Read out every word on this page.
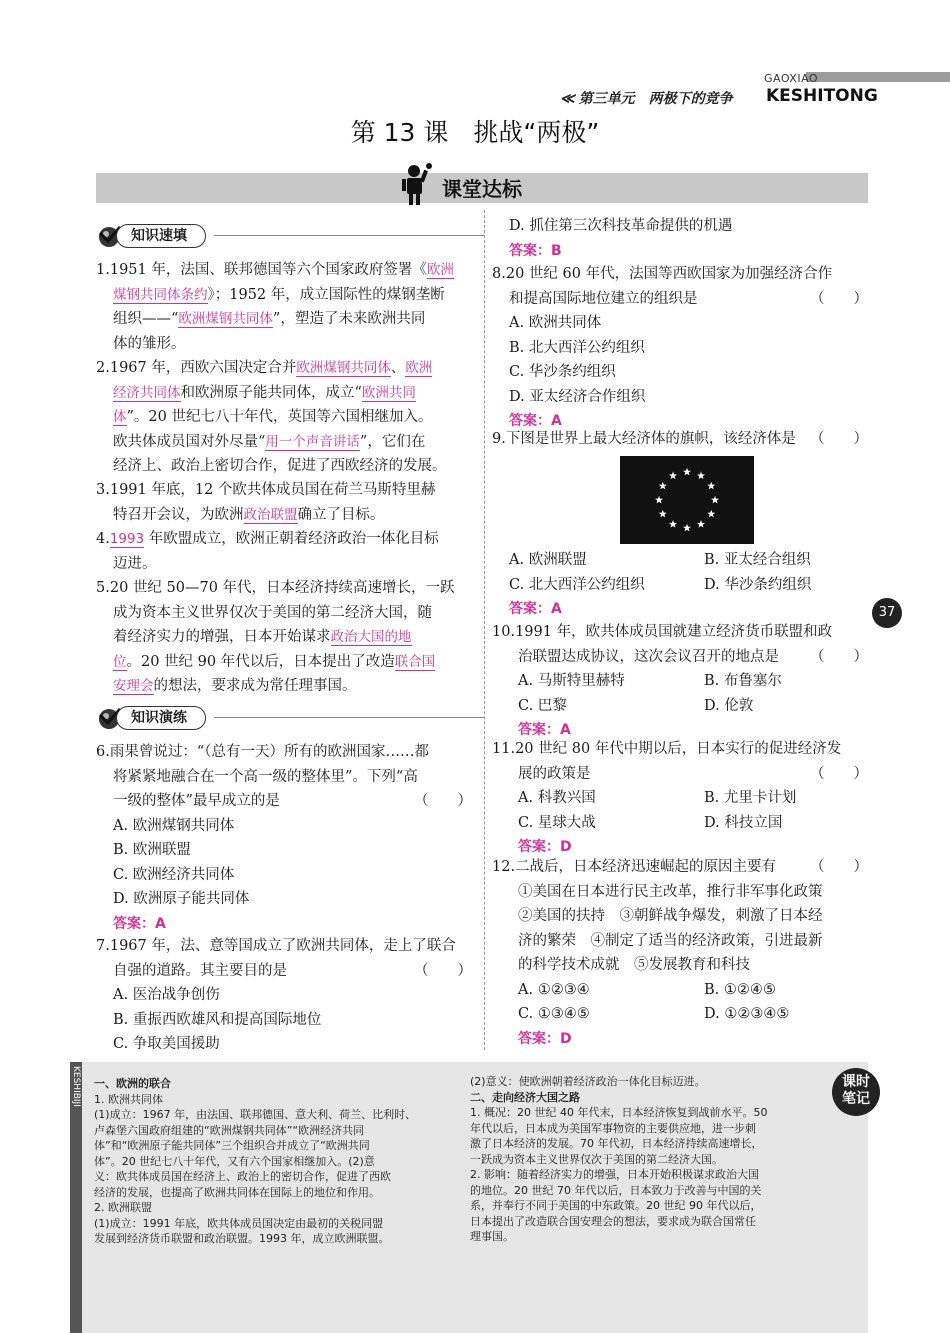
≪ 第三单元　两极下的竞争
GAOXIAO
KESHITONG
第 13 课　挑战“两极”
课堂达标
知识速填
1.1951 年，法国、联邦德国等六个国家政府签署《欧洲
煤钢共同体条约》；1952 年，成立国际性的煤钢垄断
组织——“欧洲煤钢共同体”，塑造了未来欧洲共同
体的雏形。
2.1967 年，西欧六国决定合并欧洲煤钢共同体、欧洲
经济共同体和欧洲原子能共同体，成立“欧洲共同
体”。20 世纪七八十年代，英国等六国相继加入。
欧共体成员国对外尽量“用一个声音讲话”，它们在
经济上、政治上密切合作，促进了西欧经济的发展。
3.1991 年底，12 个欧共体成员国在荷兰马斯特里赫
特召开会议，为欧洲政治联盟确立了目标。
4.1993 年欧盟成立，欧洲正朝着经济政治一体化目标
迈进。
5.20 世纪 50—70 年代，日本经济持续高速增长，一跃
成为资本主义世界仅次于美国的第二经济大国，随
着经济实力的增强，日本开始谋求政治大国的地
位。20 世纪 90 年代以后，日本提出了改造联合国
安理会的想法，要求成为常任理事国。
知识演练
6.雨果曾说过：“（总有一天）所有的欧洲国家……都
将紧紧地融合在一个高一级的整体里”。下列“高
一级的整体”最早成立的是	（　　）
A. 欧洲煤钢共同体
B. 欧洲联盟
C. 欧洲经济共同体
D. 欧洲原子能共同体
答案：A
7.1967 年，法、意等国成立了欧洲共同体，走上了联合
自强的道路。其主要目的是	（　　）
A. 医治战争创伤
B. 重振西欧雄风和提高国际地位
C. 争取美国援助
D. 抓住第三次科技革命提供的机遇
答案：B
8.20 世纪 60 年代，法国等西欧国家为加强经济合作
和提高国际地位建立的组织是	（　　）
A. 欧洲共同体
B. 北大西洋公约组织
C. 华沙条约组织
D. 亚太经济合作组织
答案：A
9.下图是世界上最大经济体的旗帜，该经济体是 （　　）
A. 欧洲联盟	B. 亚太经合组织
C. 北大西洋公约组织	D. 华沙条约组织
答案：A	37
10.1991 年，欧共体成员国就建立经济货币联盟和政
治联盟达成协议，这次会议召开的地点是 （　　）
A. 马斯特里赫特	B. 布鲁塞尔
C. 巴黎	D. 伦敦
答案：A
11.20 世纪 80 年代中期以后，日本实行的促进经济发
展的政策是	（　　）
A. 科教兴国	B. 尤里卡计划
C. 星球大战	D. 科技立国
答案：D
12.二战后，日本经济迅速崛起的原因主要有 （　　）
①美国在日本进行民主改革，推行非军事化政策
②美国的扶持　③朝鲜战争爆发，刺激了日本经
济的繁荣　④制定了适当的经济政策，引进最新
的科学技术成就　⑤发展教育和科技
A. ①②③④	B. ①②④⑤
C. ①③④⑤	D. ①②③④⑤
答案：D
KESHIBIJI 一、欧洲的联合
1. 欧洲共同体
(1)成立：1967 年，由法国、联邦德国、意大利、荷兰、比利时、
卢森堡六国政府组建的“欧洲煤钢共同体”“欧洲经济共同
体”和“欧洲原子能共同体”三个组织合并成立了“欧洲共同
体”。20 世纪七八十年代，又有六个国家相继加入。(2)意
义：欧共体成员国在经济上、政治上的密切合作，促进了西欧
经济的发展，也提高了欧洲共同体在国际上的地位和作用。
2. 欧洲联盟
(1)成立：1991 年底，欧共体成员国决定由最初的关税同盟
发展到经济货币联盟和政治联盟。1993 年，成立欧洲联盟。
(2)意义：使欧洲朝着经济政治一体化目标迈进。
二、走向经济大国之路
1. 概况：20 世纪 40 年代末，日本经济恢复到战前水平。50
年代以后，日本成为美国军事物资的主要供应地，进一步刺
激了日本经济的发展。70 年代初，日本经济持续高速增长，
一跃成为资本主义世界仅次于美国的第二经济大国。
2. 影响：随着经济实力的增强，日本开始积极谋求政治大国
的地位。20 世纪 70 年代以后，日本致力于改善与中国的关
系，并奉行不同于美国的中东政策。20 世纪 90 年代以后，
日本提出了改造联合国安理会的想法，要求成为联合国常任
理事国。
课时
笔记
